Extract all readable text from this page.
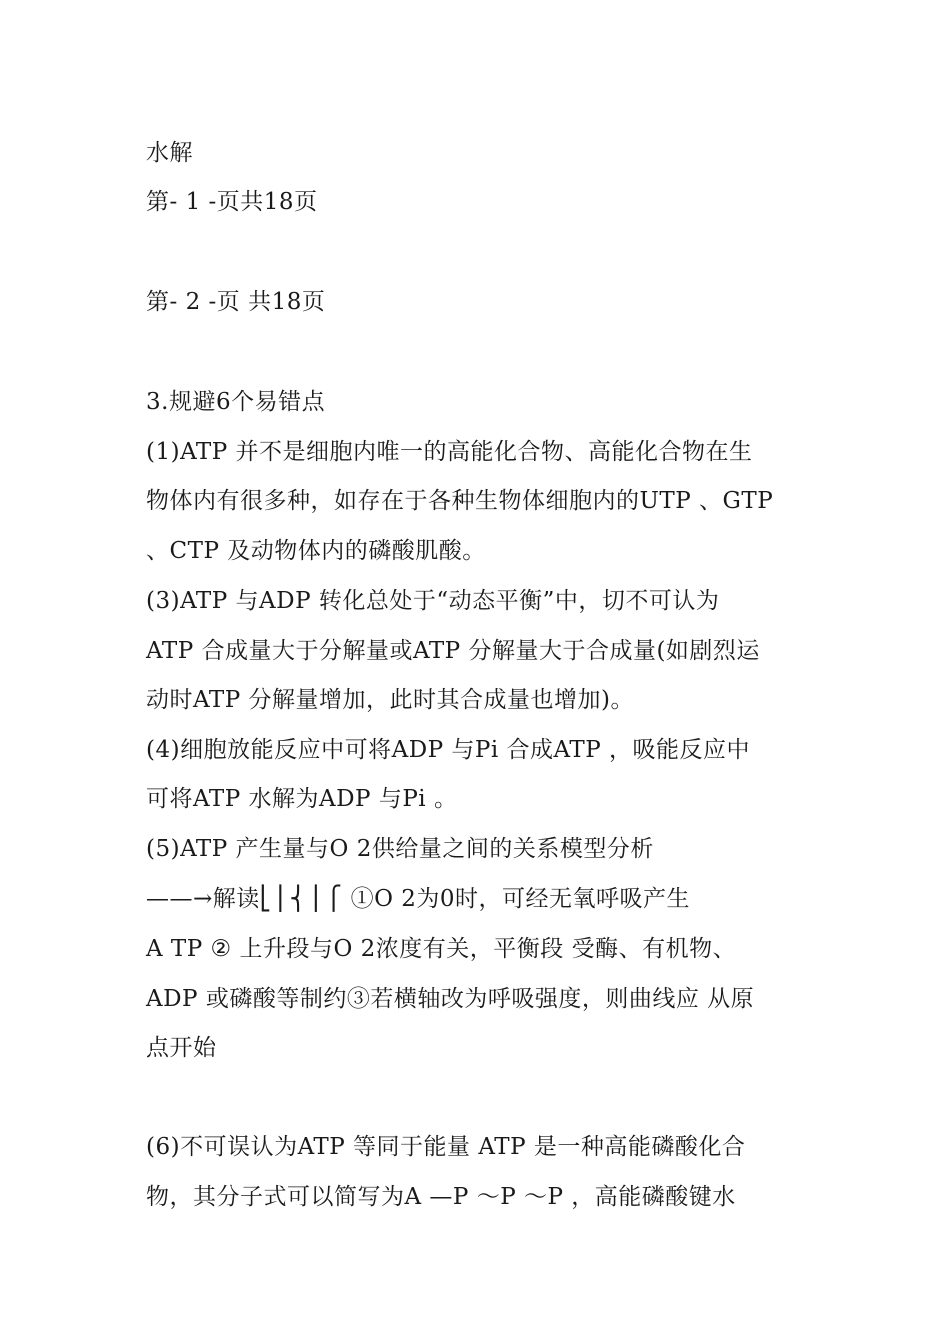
水解
第- 1 -页共18页
第- 2 -页 共18页
3.规避6个易错点
(1)ATP 并不是细胞内唯一的高能化合物、高能化合物在生
物体内有很多种，如存在于各种生物体细胞内的UTP 、GTP
、CTP 及动物体内的磷酸肌酸。
(3)ATP 与ADP 转化总处于“动态平衡”中，切不可认为
ATP 合成量大于分解量或ATP 分解量大于合成量(如剧烈运
动时ATP 分解量增加，此时其合成量也增加)。
(4)细胞放能反应中可将ADP 与Pi 合成ATP ，吸能反应中
可将ATP 水解为ADP 与Pi 。
(5)ATP 产生量与O 2供给量之间的关系模型分析
——→解读⎣⎪⎨⎪⎧ ①O 2为0时，可经无氧呼吸产生
A TP ② 上升段与O 2浓度有关，平衡段 受酶、有机物、
ADP 或磷酸等制约③若横轴改为呼吸强度，则曲线应 从原
点开始
(6)不可误认为ATP 等同于能量 ATP 是一种高能磷酸化合
物，其分子式可以简写为A —P ～P ～P ，高能磷酸键水
